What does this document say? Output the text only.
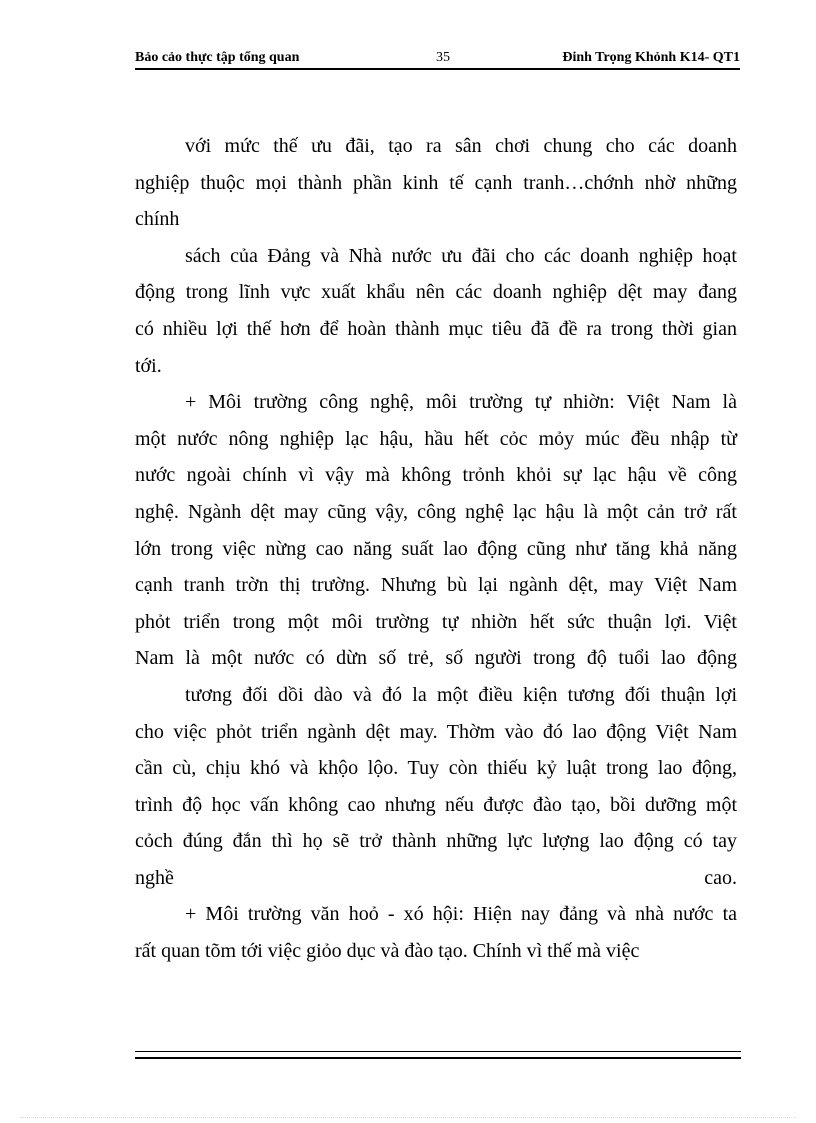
Bảo cảo thực tập tổng quan	35	Đinh Trọng Khỏnh K14- QT1
với mức thế ưu đãi, tạo ra sân chơi chung cho các doanh
nghiệp thuộc mọi thành phần kinh tế cạnh tranh…chớnh nhờ những
chính
sách của Đảng và Nhà nước ưu đãi cho các doanh nghiệp hoạt
động trong lĩnh vực xuất khẩu nên các doanh nghiệp dệt may đang
có nhiều lợi thế hơn để hoàn thành mục tiêu đã đề ra trong thời gian
tới.
+ Môi trường công nghệ, môi trường tự nhiờn: Việt Nam là
một nước nông nghiệp lạc hậu, hầu hết cỏc mỏy múc đều nhập từ
nước ngoài chính vì vậy mà không trỏnh khỏi sự lạc hậu về công
nghệ. Ngành dệt may cũng vậy, công nghệ lạc hậu là một cản trở rất
lớn trong việc nừng cao năng suất lao động cũng như tăng khả năng
cạnh tranh trờn thị trường. Nhưng bù lại ngành dệt, may Việt Nam
phỏt triển trong một môi trường tự nhiờn hết sức thuận lợi. Việt
Nam là một nước có dừn số trẻ, số người trong độ tuổi lao động
tương đối dồi dào và đó la một điều kiện tương đối thuận lợi
cho việc phỏt triển ngành dệt may. Thờm vào đó lao động Việt Nam
cần cù, chịu khó và khộo lộo. Tuy còn thiếu kỷ luật trong lao động,
trình độ học vấn không cao nhưng nếu được đào tạo, bồi dưỡng một
cỏch đúng đắn thì họ sẽ trở thành những lực lượng lao động có tay
nghề	cao.
+ Môi trường văn hoỏ - xó hội: Hiện nay đảng và nhà nước ta
rất quan tõm tới việc giỏo dục và đào tạo. Chính vì thế mà việc
